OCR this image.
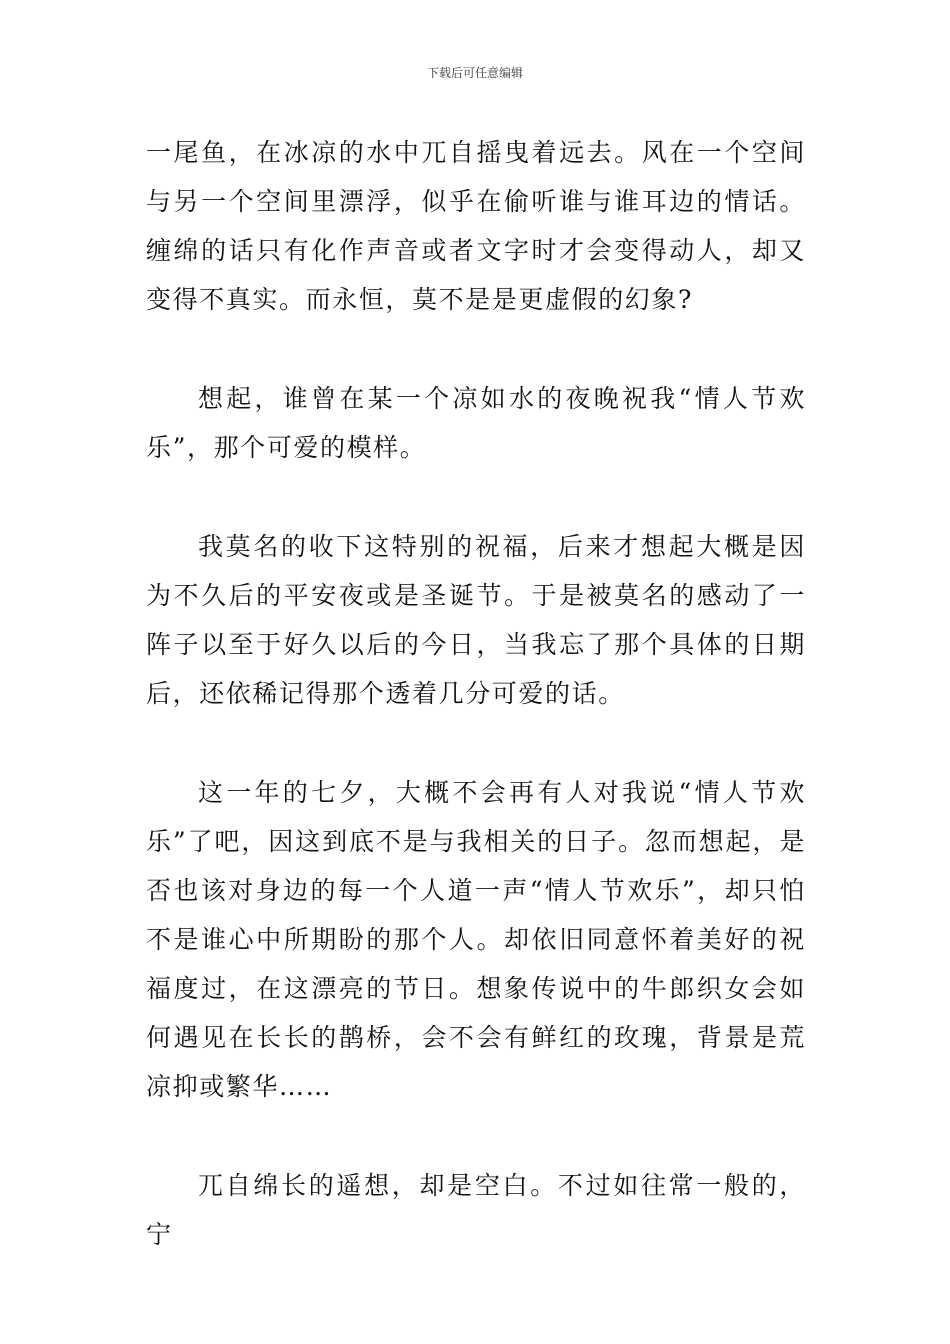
下载后可任意编辑

一尾鱼，在冰凉的水中兀自摇曳着远去。风在一个空间与另一个空间里漂浮，似乎在偷听谁与谁耳边的情话。缠绵的话只有化作声音或者文字时才会变得动人，却又变得不真实。而永恒，莫不是是更虚假的幻象?

想起，谁曾在某一个凉如水的夜晚祝我“情人节欢乐”，那个可爱的模样。

我莫名的收下这特别的祝福，后来才想起大概是因为不久后的平安夜或是圣诞节。于是被莫名的感动了一阵子以至于好久以后的今日，当我忘了那个具体的日期后，还依稀记得那个透着几分可爱的话。

这一年的七夕，大概不会再有人对我说“情人节欢乐”了吧，因这到底不是与我相关的日子。忽而想起，是否也该对身边的每一个人道一声“情人节欢乐”，却只怕不是谁心中所期盼的那个人。却依旧同意怀着美好的祝福度过，在这漂亮的节日。想象传说中的牛郎织女会如何遇见在长长的鹊桥，会不会有鲜红的玫瑰，背景是荒凉抑或繁华……

兀自绵长的遥想，却是空白。不过如往常一般的，宁
